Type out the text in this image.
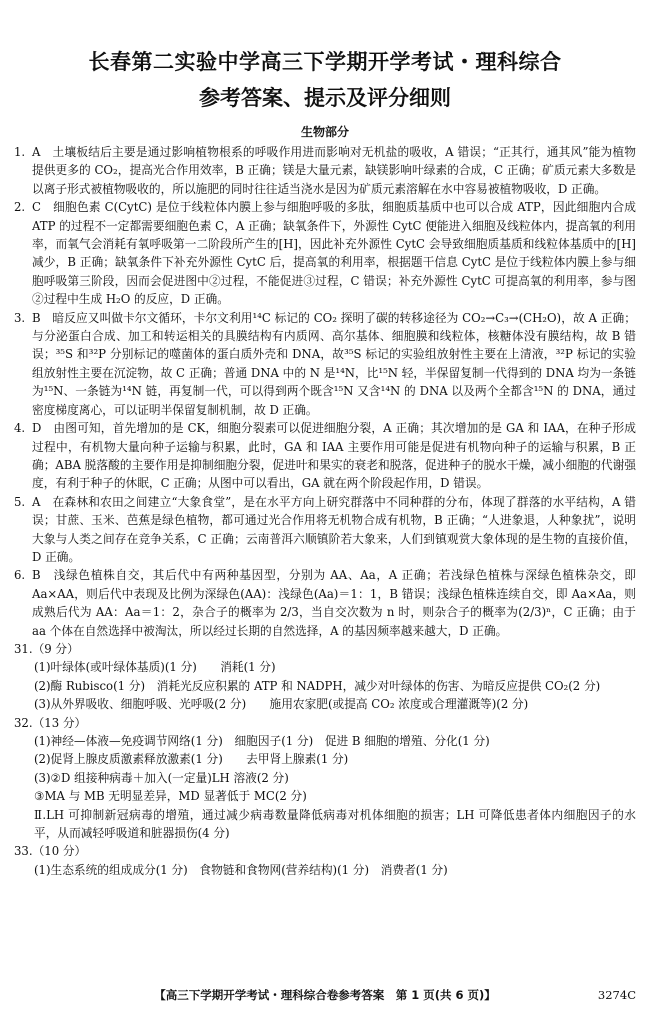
长春第二实验中学高三下学期开学考试・理科综合
参考答案、提示及评分细则
生物部分
1. A　土壤板结后主要是通过影响植物根系的呼吸作用进而影响对无机盐的吸收，A 错误；“正其行，通其风”能为植物提供更多的 CO₂，提高光合作用效率，B 正确；镁是大量元素，缺镁影响叶绿素的合成，C 正确；矿质元素大多数是以离子形式被植物吸收的，所以施肥的同时往往适当浇水是因为矿质元素溶解在水中容易被植物吸收，D 正确。
2. C　细胞色素 C(CytC) 是位于线粒体内膜上参与细胞呼吸的多肽，细胞质基质中也可以合成 ATP，因此细胞内合成 ATP 的过程不一定都需要细胞色素 C，A 正确；缺氧条件下，外源性 CytC 便能进入细胞及线粒体内，提高氧的利用率，而氧气会消耗有氧呼吸第一二阶段所产生的[H]，因此补充外源性 CytC 会导致细胞质基质和线粒体基质中的[H]减少，B 正确；缺氧条件下补充外源性 CytC 后，提高氧的利用率，根据题干信息 CytC 是位于线粒体内膜上参与细胞呼吸第三阶段，因而会促进图中②过程，不能促进③过程，C 错误；补充外源性 CytC 可提高氧的利用率，参与图②过程中生成 H₂O 的反应，D 正确。
3. B　暗反应又叫做卡尔文循环，卡尔文利用¹⁴C 标记的 CO₂ 探明了碳的转移途径为 CO₂→C₃→(CH₂O)，故 A 正确；与分泌蛋白合成、加工和转运相关的具膜结构有内质网、高尔基体、细胞膜和线粒体，核糖体没有膜结构，故 B 错误；³⁵S 和³²P 分别标记的噬菌体的蛋白质外壳和 DNA，故³⁵S 标记的实验组放射性主要在上清液，³²P 标记的实验组放射性主要在沉淀物，故 C 正确；普通 DNA 中的 N 是¹⁴N，比¹⁵N 轻，半保留复制一代得到的 DNA 均为一条链为¹⁵N、一条链为¹⁴N 链，再复制一代，可以得到两个既含¹⁵N 又含¹⁴N 的 DNA 以及两个全都含¹⁵N 的 DNA，通过密度梯度离心，可以证明半保留复制机制，故 D 正确。
4. D　由图可知，首先增加的是 CK，细胞分裂素可以促进细胞分裂，A 正确；其次增加的是 GA 和 IAA，在种子形成过程中，有机物大量向种子运输与积累，此时，GA 和 IAA 主要作用可能是促进有机物向种子的运输与积累，B 正确；ABA 脱落酸的主要作用是抑制细胞分裂，促进叶和果实的衰老和脱落，促进种子的脱水干燥，减小细胞的代谢强度，有利于种子的休眠，C 正确；从图中可以看出，GA 就在两个阶段起作用，D 错误。
5. A　在森林和农田之间建立“大象食堂”，是在水平方向上研究群落中不同种群的分布，体现了群落的水平结构，A 错误；甘蔗、玉米、芭蕉是绿色植物，都可通过光合作用将无机物合成有机物，B 正确；“人进象退，人种象扰”，说明大象与人类之间存在竞争关系，C 正确；云南普洱六顺镇阶若大象来，人们到镇观赏大象体现的是生物的直接价值，D 正确。
6. B　浅绿色植株自交，其后代中有两种基因型，分别为 AA、Aa，A 正确；若浅绿色植株与深绿色植株杂交，即 Aa×AA，则后代中表现及比例为深绿色(AA)：浅绿色(Aa)＝1：1，B 错误；浅绿色植株连续自交，即 Aa×Aa，则成熟后代为 AA：Aa＝1：2，杂合子的概率为 2/3，当自交次数为 n 时，则杂合子的概率为(2/3)ⁿ，C 正确；由于 aa 个体在自然选择中被淘汰，所以经过长期的自然选择，A 的基因频率越来越大，D 正确。
31.（9 分）
(1)叶绿体(或叶绿体基质)(1 分)　　消耗(1 分)
(2)酶 Rubisco(1 分)　消耗光反应积累的 ATP 和 NADPH，减少对叶绿体的伤害、为暗反应提供 CO₂(2 分)
(3)从外界吸收、细胞呼吸、光呼吸(2 分)　　施用农家肥(或提高 CO₂ 浓度或合理灌溉等)(2 分)
32.（13 分）
(1)神经—体液—免疫调节网络(1 分)　细胞因子(1 分)　促进 B 细胞的增殖、分化(1 分)
(2)促肾上腺皮质激素释放激素(1 分)　　去甲肾上腺素(1 分)
(3)②D 组接种病毒＋加入(一定量)LH 溶液(2 分)
③MA 与 MB 无明显差异，MD 显著低于 MC(2 分)
Ⅱ.LH 可抑制新冠病毒的增殖，通过减少病毒数量降低病毒对机体细胞的损害；LH 可降低患者体内细胞因子的水平，从而减轻呼吸道和脏器损伤(4 分)
33.（10 分）
(1)生态系统的组成成分(1 分)　食物链和食物网(营养结构)(1 分)　消费者(1 分)
【高三下学期开学考试・理科综合卷参考答案　第 1 页(共 6 页)】	3274C
